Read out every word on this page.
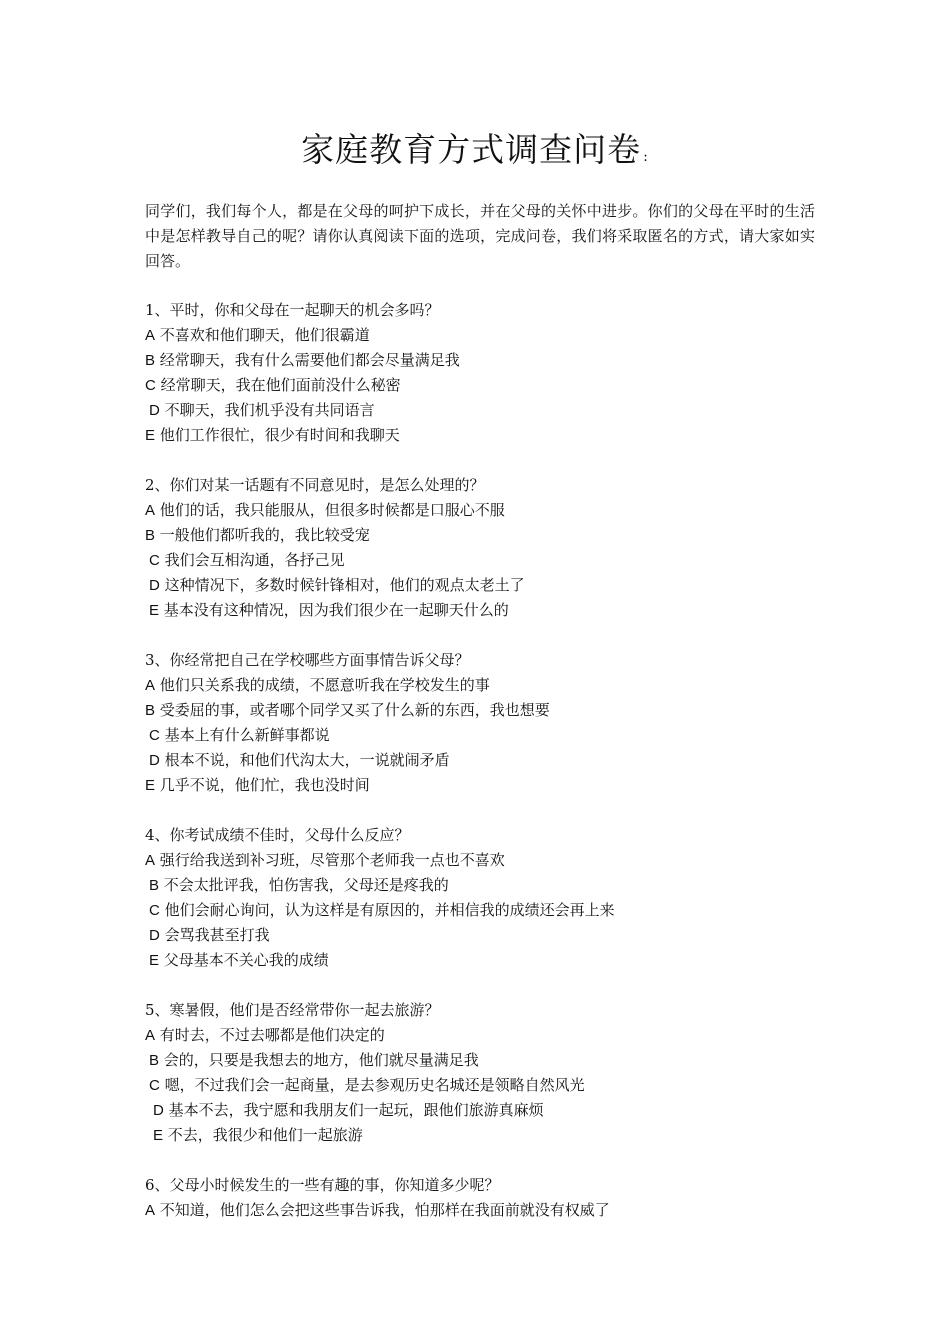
家庭教育方式调查问卷 :
同学们，我们每个人，都是在父母的呵护下成长，并在父母的关怀中进步。你们的父母在平时的生活中是怎样教导自己的呢？请你认真阅读下面的选项，完成问卷，我们将采取匿名的方式，请大家如实回答。
1、平时，你和父母在一起聊天的机会多吗？
A 不喜欢和他们聊天，他们很霸道
B 经常聊天，我有什么需要他们都会尽量满足我
C 经常聊天，我在他们面前没什么秘密
D 不聊天，我们机乎没有共同语言
E 他们工作很忙，很少有时间和我聊天
2、你们对某一话题有不同意见时，是怎么处理的？
A 他们的话，我只能服从，但很多时候都是口服心不服
B 一般他们都听我的，我比较受宠
C 我们会互相沟通，各抒己见
D 这种情况下，多数时候针锋相对，他们的观点太老土了
E 基本没有这种情况，因为我们很少在一起聊天什么的
3、你经常把自己在学校哪些方面事情告诉父母？
A 他们只关系我的成绩，不愿意听我在学校发生的事
B 受委屈的事，或者哪个同学又买了什么新的东西，我也想要
C 基本上有什么新鲜事都说
D 根本不说，和他们代沟太大，一说就闹矛盾
E 几乎不说，他们忙，我也没时间
4、你考试成绩不佳时，父母什么反应？
A 强行给我送到补习班，尽管那个老师我一点也不喜欢
B 不会太批评我，怕伤害我，父母还是疼我的
C 他们会耐心询问，认为这样是有原因的，并相信我的成绩还会再上来
D 会骂我甚至打我
E 父母基本不关心我的成绩
5、寒暑假，他们是否经常带你一起去旅游？
A 有时去，不过去哪都是他们决定的
B 会的，只要是我想去的地方，他们就尽量满足我
C 嗯，不过我们会一起商量，是去参观历史名城还是领略自然风光
D 基本不去，我宁愿和我朋友们一起玩，跟他们旅游真麻烦
E 不去，我很少和他们一起旅游
6、父母小时候发生的一些有趣的事，你知道多少呢？
A 不知道，他们怎么会把这些事告诉我，怕那样在我面前就没有权威了
